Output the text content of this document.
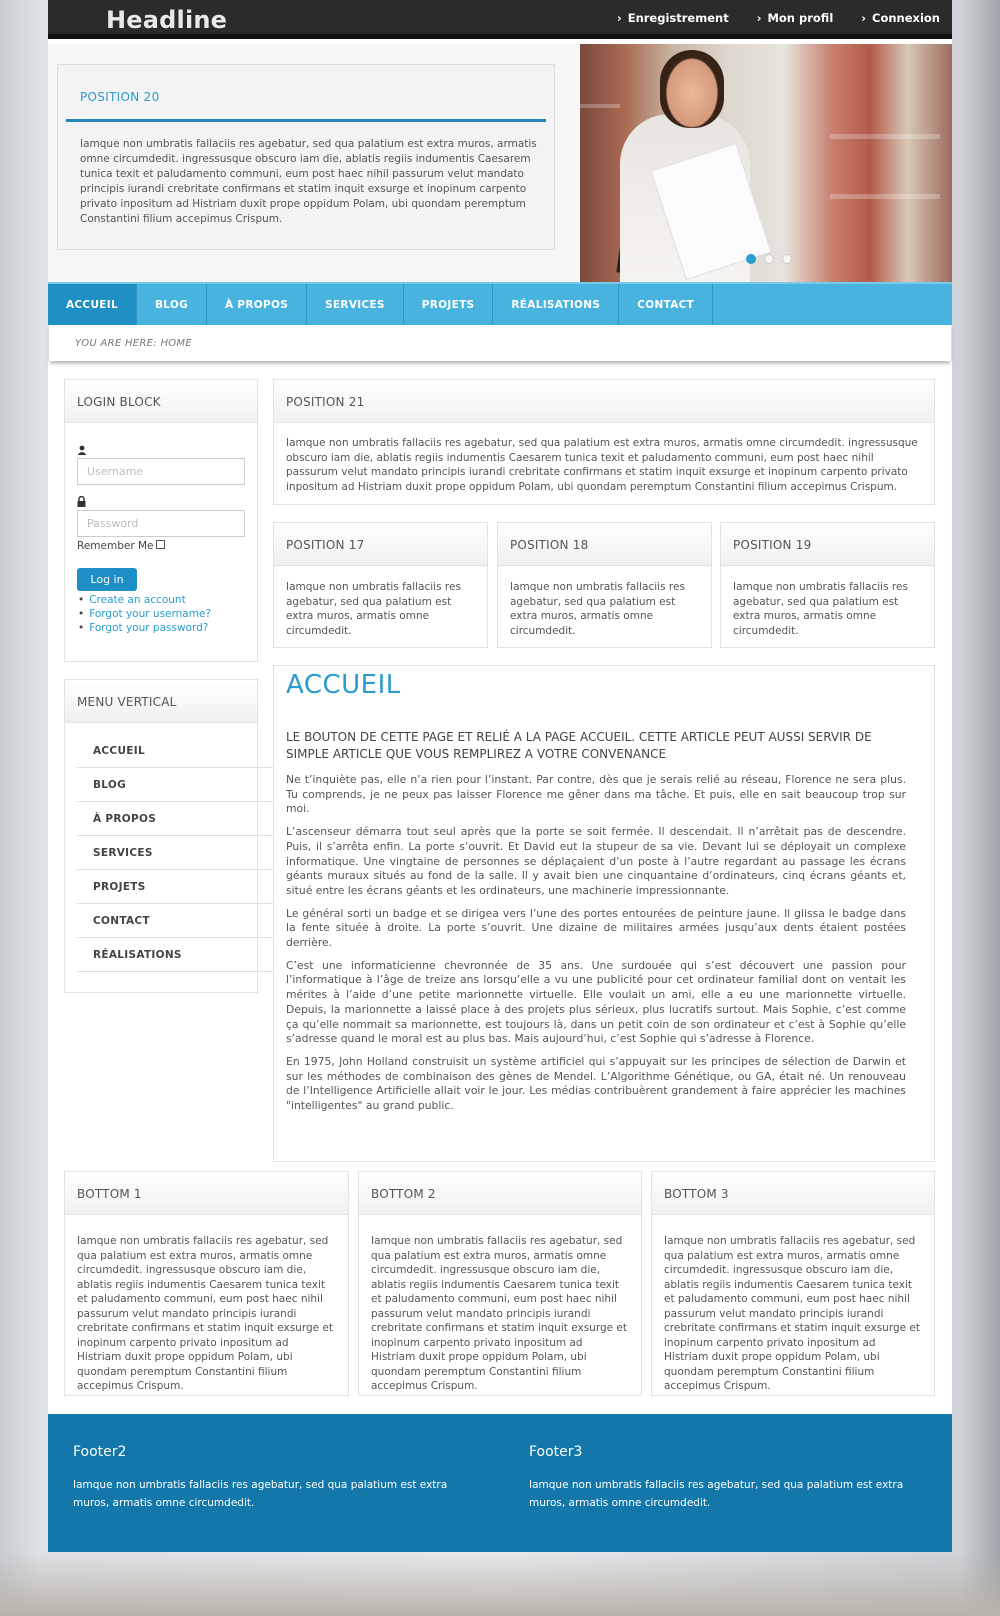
Headline	› Enregistrement › Mon profil › Connexion
POSITION 20
Iamque non umbratis fallaciis res agebatur, sed qua palatium est extra muros, armatis omne circumdedit. ingressusque obscuro iam die, ablatis regiis indumentis Caesarem tunica texit et paludamento communi, eum post haec nihil passurum velut mandato principis iurandi crebritate confirmans et statim inquit exsurge et inopinum carpento privato inpositum ad Histriam duxit prope oppidum Polam, ubi quondam peremptum Constantini filium accepimus Crispum.
ACCUEIL	BLOG	À PROPOS	SERVICES	PROJETS	RÉALISATIONS	CONTACT
YOU ARE HERE: HOME
LOGIN BLOCK
Username
Remember Me
Log in
• Create an account
• Forgot your username?
• Forgot your password?
MENU VERTICAL
ACCUEIL
BLOG
À PROPOS
SERVICES
PROJETS
CONTACT
RÉALISATIONS
POSITION 21
Iamque non umbratis fallaciis res agebatur, sed qua palatium est extra muros, armatis omne circumdedit. ingressusque obscuro iam die, ablatis regiis indumentis Caesarem tunica texit et paludamento communi, eum post haec nihil passurum velut mandato principis iurandi crebritate confirmans et statim inquit exsurge et inopinum carpento privato inpositum ad Histriam duxit prope oppidum Polam, ubi quondam peremptum Constantini filium accepimus Crispum.
POSITION 17
Iamque non umbratis fallaciis res agebatur, sed qua palatium est extra muros, armatis omne circumdedit.
POSITION 18
Iamque non umbratis fallaciis res agebatur, sed qua palatium est extra muros, armatis omne circumdedit.
POSITION 19
Iamque non umbratis fallaciis res agebatur, sed qua palatium est extra muros, armatis omne circumdedit.
ACCUEIL
LE BOUTON DE CETTE PAGE ET RELIÉ A LA PAGE ACCUEIL. CETTE ARTICLE PEUT AUSSI SERVIR DE SIMPLE ARTICLE QUE VOUS REMPLIREZ A VOTRE CONVENANCE

Ne t’inquiète pas, elle n’a rien pour l’instant. Par contre, dès que je serais relié au réseau, Florence ne sera plus. Tu comprends, je ne peux pas laisser Florence me gêner dans ma tâche. Et puis, elle en sait beaucoup trop sur moi.

L’ascenseur démarra tout seul après que la porte se soit fermée. Il descendait. Il n’arrêtait pas de descendre. Puis, il s’arrêta enfin. La porte s’ouvrit. Et David eut la stupeur de sa vie. Devant lui se déployait un complexe informatique. Une vingtaine de personnes se déplaçaient d’un poste à l’autre regardant au passage les écrans géants muraux situés au fond de la salle. Il y avait bien une cinquantaine d’ordinateurs, cinq écrans géants et, situé entre les écrans géants et les ordinateurs, une machinerie impressionnante.

Le général sorti un badge et se dirigea vers l’une des portes entourées de peinture jaune. Il glissa le badge dans la fente située à droite. La porte s’ouvrit. Une dizaine de militaires armées jusqu’aux dents étaient postées derrière.

C’est une informaticienne chevronnée de 35 ans. Une surdouée qui s’est découvert une passion pour l’informatique à l’âge de treize ans lorsqu’elle a vu une publicité pour cet ordinateur familial dont on ventait les mérites à l’aide d’une petite marionnette virtuelle. Elle voulait un ami, elle a eu une marionnette virtuelle. Depuis, la marionnette a laissé place à des projets plus sérieux, plus lucratifs surtout. Mais Sophie, c’est comme ça qu’elle nommait sa marionnette, est toujours là, dans un petit coin de son ordinateur et c’est à Sophie qu’elle s’adresse quand le moral est au plus bas. Mais aujourd’hui, c’est Sophie qui s’adresse à Florence.

En 1975, John Holland construisit un système artificiel qui s’appuyait sur les principes de sélection de Darwin et sur les méthodes de combinaison des gènes de Mendel. L’Algorithme Génétique, ou GA, était né. Un renouveau de l’Intelligence Artificielle allait voir le jour. Les médias contribuèrent grandement à faire apprécier les machines "intelligentes" au grand public.

BOTTOM 1
Iamque non umbratis fallaciis res agebatur, sed qua palatium est extra muros, armatis omne circumdedit. ingressusque obscuro iam die, ablatis regiis indumentis Caesarem tunica texit et paludamento communi, eum post haec nihil passurum velut mandato principis iurandi crebritate confirmans et statim inquit exsurge et inopinum carpento privato inpositum ad Histriam duxit prope oppidum Polam, ubi quondam peremptum Constantini filium accepimus Crispum.
BOTTOM 2
Iamque non umbratis fallaciis res agebatur, sed qua palatium est extra muros, armatis omne circumdedit. ingressusque obscuro iam die, ablatis regiis indumentis Caesarem tunica texit et paludamento communi, eum post haec nihil passurum velut mandato principis iurandi crebritate confirmans et statim inquit exsurge et inopinum carpento privato inpositum ad Histriam duxit prope oppidum Polam, ubi quondam peremptum Constantini filium accepimus Crispum.
BOTTOM 3
Iamque non umbratis fallaciis res agebatur, sed qua palatium est extra muros, armatis omne circumdedit. ingressusque obscuro iam die, ablatis regiis indumentis Caesarem tunica texit et paludamento communi, eum post haec nihil passurum velut mandato principis iurandi crebritate confirmans et statim inquit exsurge et inopinum carpento privato inpositum ad Histriam duxit prope oppidum Polam, ubi quondam peremptum Constantini filium accepimus Crispum.
Footer2
Iamque non umbratis fallaciis res agebatur, sed qua palatium est extra muros, armatis omne circumdedit.
Footer3
Iamque non umbratis fallaciis res agebatur, sed qua palatium est extra muros, armatis omne circumdedit.
